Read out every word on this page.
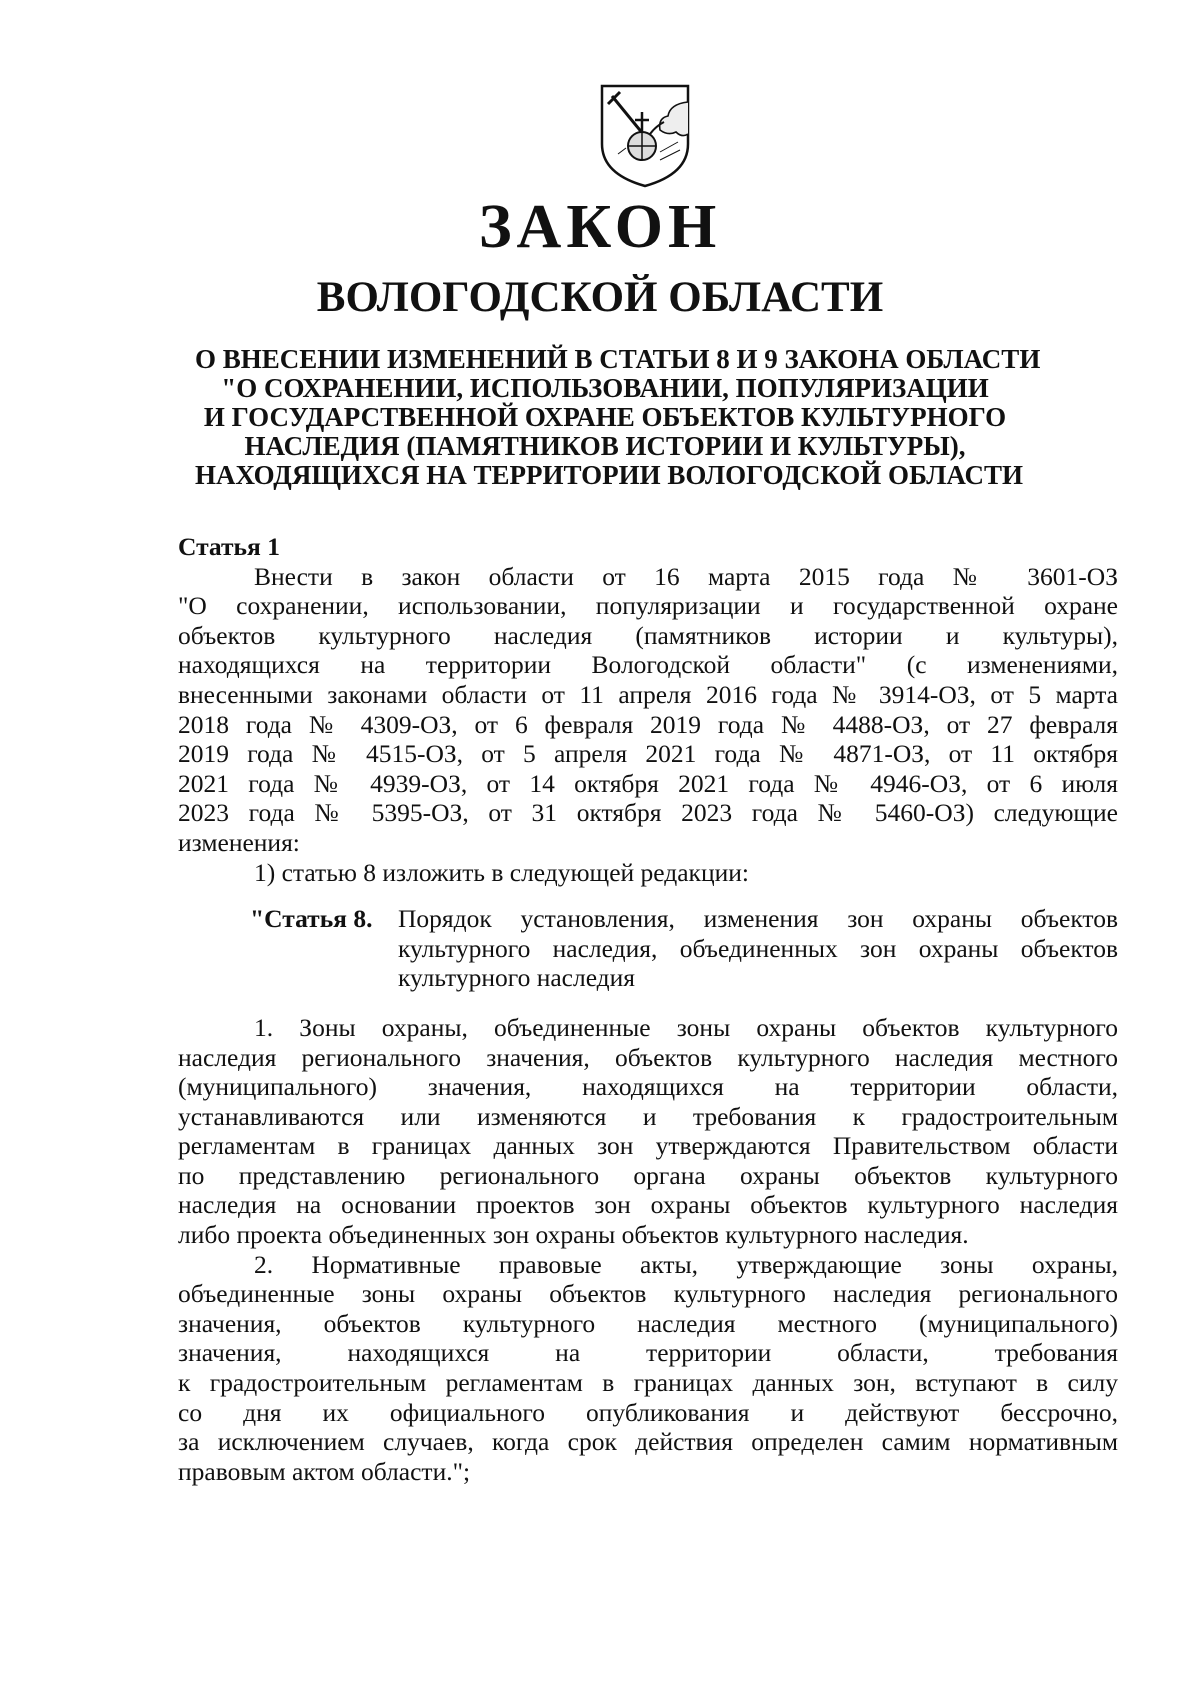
ЗАКОН
ВОЛОГОДСКОЙ ОБЛАСТИ
О ВНЕСЕНИИ ИЗМЕНЕНИЙ В СТАТЬИ 8 И 9 ЗАКОНА ОБЛАСТИ
"О СОХРАНЕНИИ, ИСПОЛЬЗОВАНИИ, ПОПУЛЯРИЗАЦИИ
И ГОСУДАРСТВЕННОЙ ОХРАНЕ ОБЪЕКТОВ КУЛЬТУРНОГО
НАСЛЕДИЯ (ПАМЯТНИКОВ ИСТОРИИ И КУЛЬТУРЫ),
НАХОДЯЩИХСЯ НА ТЕРРИТОРИИ ВОЛОГОДСКОЙ ОБЛАСТИ

Статья 1

Внести в закон области от 16 марта 2015 года № 3601-ОЗ

"О сохранении, использовании, популяризации и государственной охране

объектов культурного наследия (памятников истории и культуры),

находящихся на территории Вологодской области" (с изменениями,

внесенными законами области от 11 апреля 2016 года № 3914-ОЗ, от 5 марта

2018 года № 4309-ОЗ, от 6 февраля 2019 года № 4488-ОЗ, от 27 февраля

2019 года № 4515-ОЗ, от 5 апреля 2021 года № 4871-ОЗ, от 11 октября

2021 года № 4939-ОЗ, от 14 октября 2021 года № 4946-ОЗ, от 6 июля

2023 года № 5395-ОЗ, от 31 октября 2023 года № 5460-ОЗ) следующие

изменения:

1) статью 8 изложить в следующей редакции:

"Статья 8.	Порядок установления, изменения зон охраны объектов

культурного наследия, объединенных зон охраны объектов

культурного наследия

1. Зоны охраны, объединенные зоны охраны объектов культурного

наследия регионального значения, объектов культурного наследия местного

(муниципального) значения, находящихся на территории области,

устанавливаются или изменяются и требования к градостроительным

регламентам в границах данных зон утверждаются Правительством области

по представлению регионального органа охраны объектов культурного

наследия на основании проектов зон охраны объектов культурного наследия

либо проекта объединенных зон охраны объектов культурного наследия.

2. Нормативные правовые акты, утверждающие зоны охраны,

объединенные зоны охраны объектов культурного наследия регионального

значения, объектов культурного наследия местного (муниципального)

значения, находящихся на территории области, требования

к градостроительным регламентам в границах данных зон, вступают в силу

со дня их официального опубликования и действуют бессрочно,

за исключением случаев, когда срок действия определен самим нормативным

правовым актом области.";
